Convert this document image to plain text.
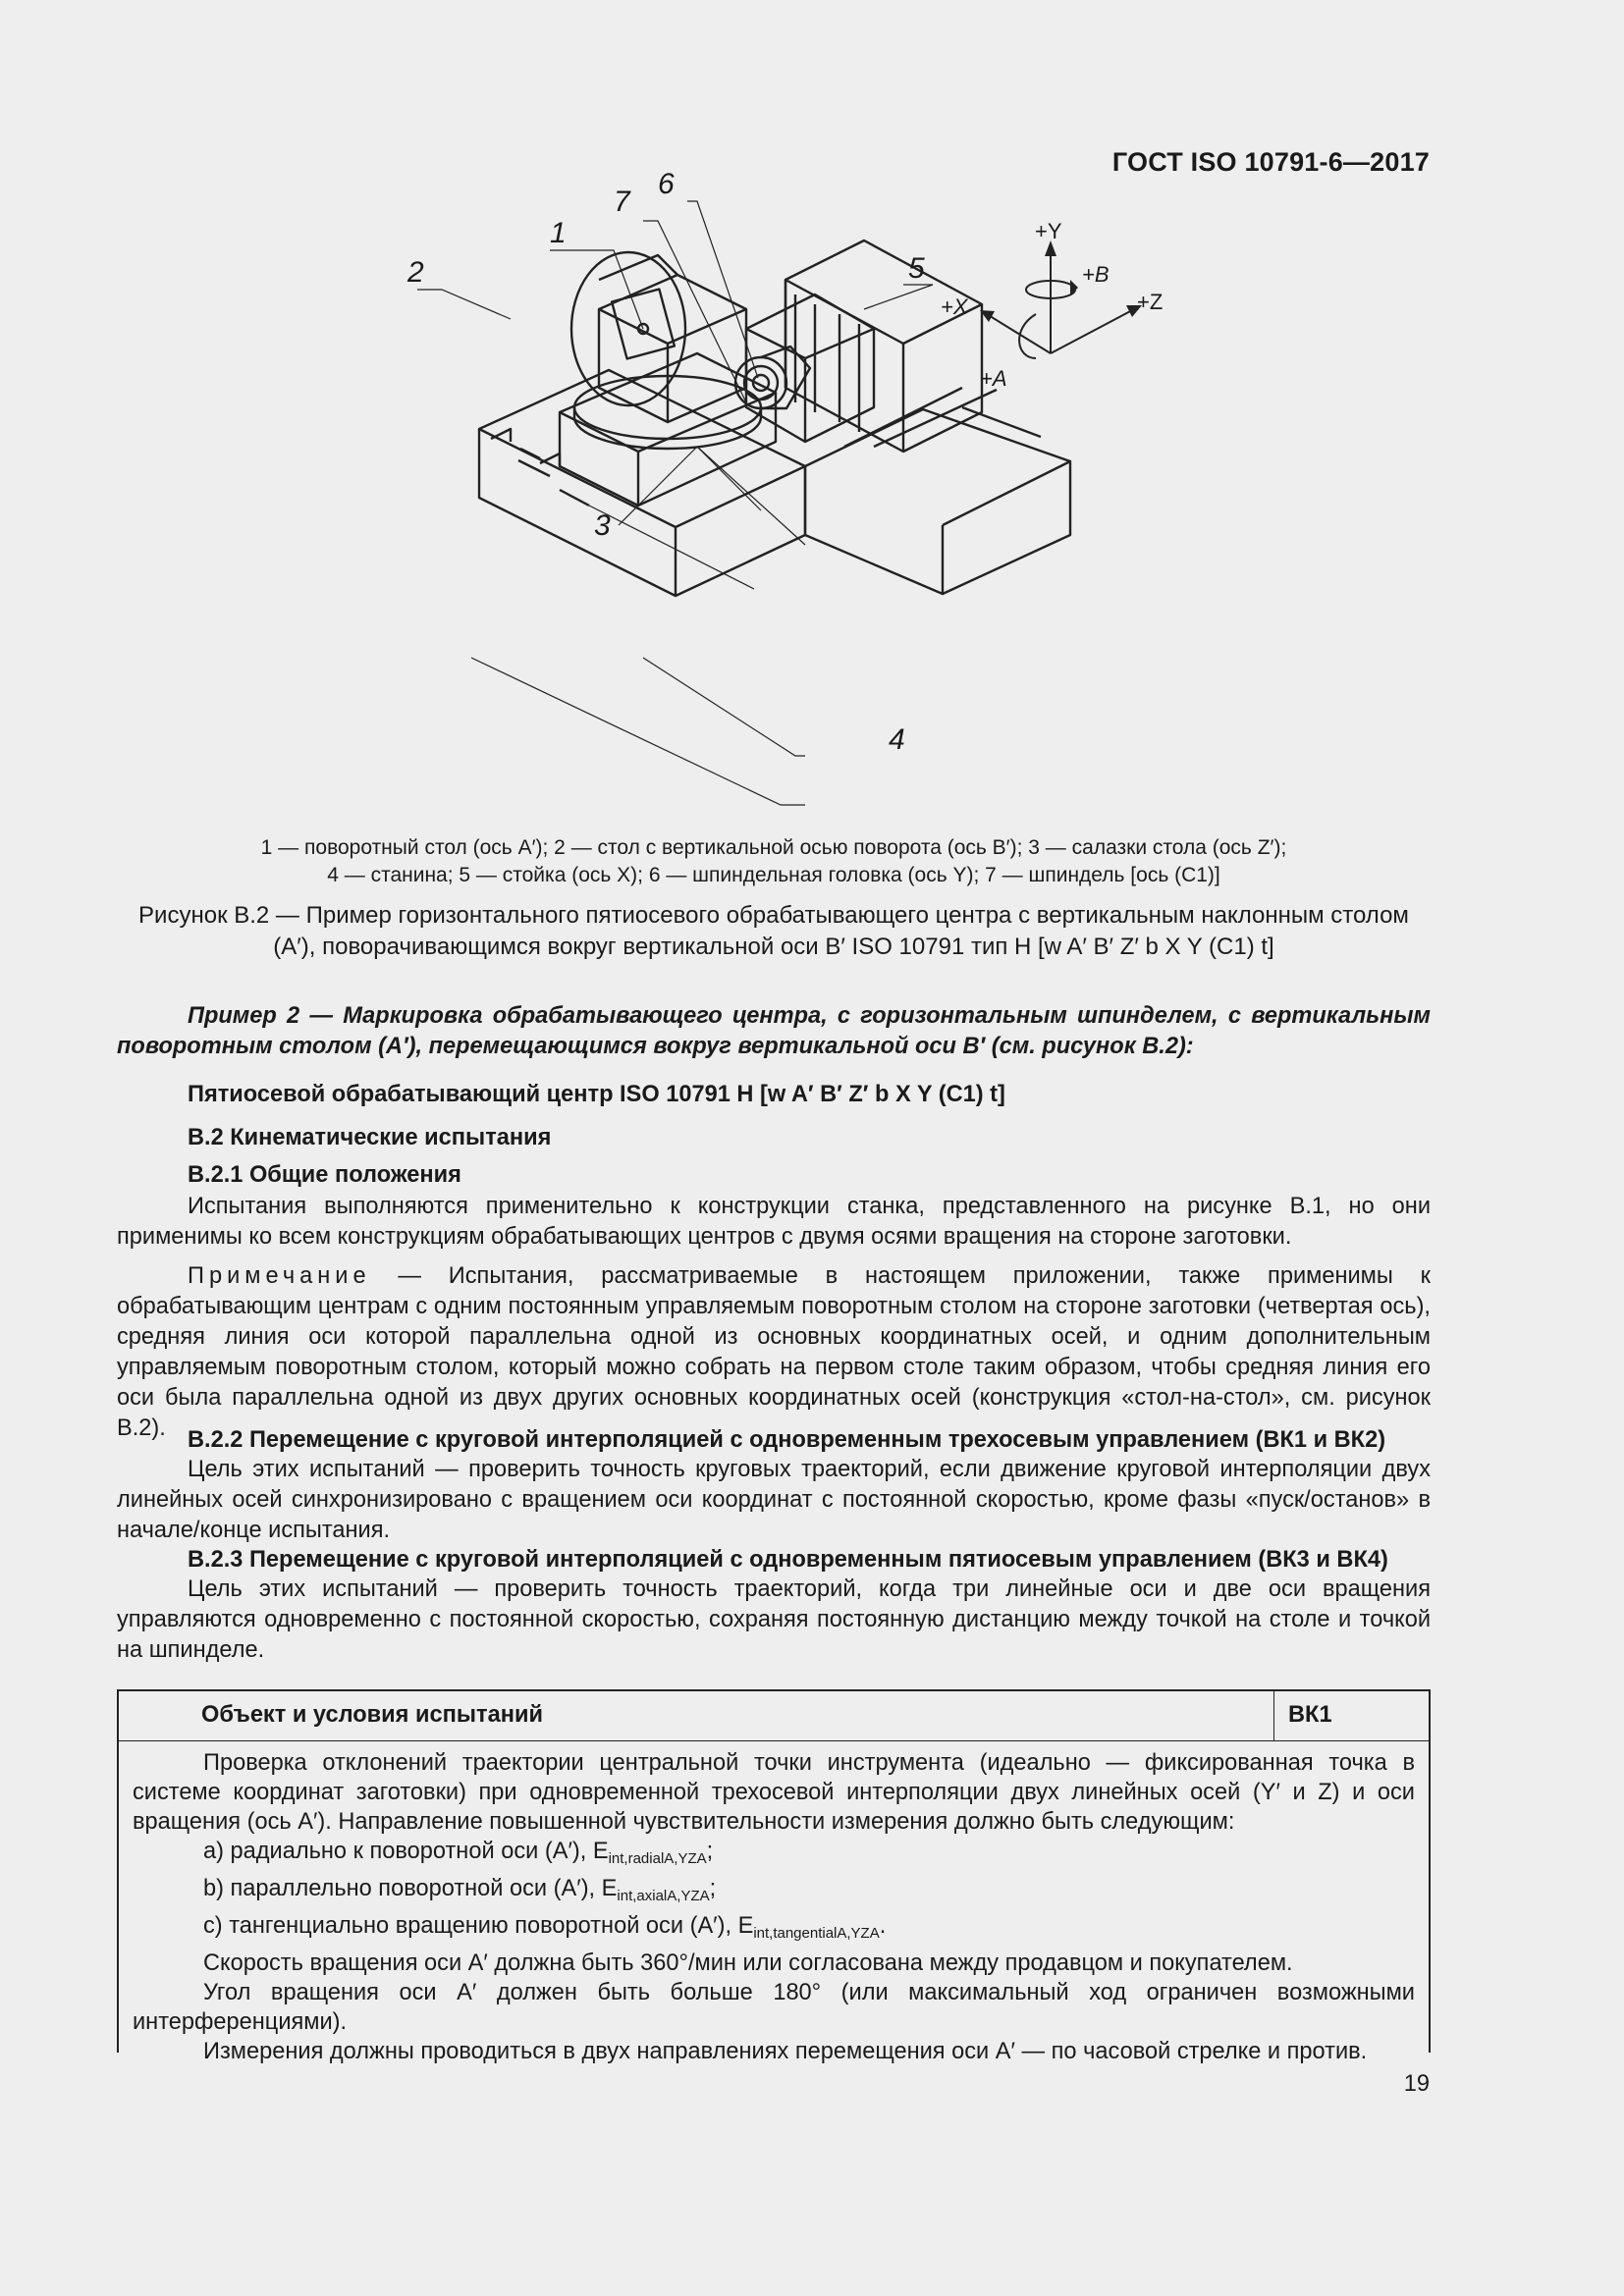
ГОСТ ISO 10791-6—2017
2
1
7
6
5
3
4
+Y
+B
+X	+Z
+A
1 — поворотный стол (ось A′); 2 — стол с вертикальной осью поворота (ось B′); 3 — салазки стола (ось Z′);
4 — станина; 5 — стойка (ось X); 6 — шпиндельная головка (ось Y); 7 — шпиндель [ось (C1)]
Рисунок В.2 — Пример горизонтального пятиосевого обрабатывающего центра с вертикальным наклонным столом (A′), поворачивающимся вокруг вертикальной оси B′ ISO 10791 тип Н [w A′ B′ Z′ b X Y (C1) t]
Пример 2 — Маркировка обрабатывающего центра, с горизонтальным шпинделем, с вертикальным поворотным столом (A′), перемещающимся вокруг вертикальной оси B′ (см. рисунок В.2):
Пятиосевой обрабатывающий центр ISO 10791 Н [w A′ B′ Z′ b X Y (C1) t]
В.2 Кинематические испытания
В.2.1 Общие положения
Испытания выполняются применительно к конструкции станка, представленного на рисунке В.1, но они применимы ко всем конструкциям обрабатывающих центров с двумя осями вращения на стороне заготовки.
Примечание — Испытания, рассматриваемые в настоящем приложении, также применимы к обрабатывающим центрам с одним постоянным управляемым поворотным столом на стороне заготовки (четвертая ось), средняя линия оси которой параллельна одной из основных координатных осей, и одним дополнительным управляемым поворотным столом, который можно собрать на первом столе таким образом, чтобы средняя линия его оси была параллельна одной из двух других основных координатных осей (конструкция «стол-на-стол», см. рисунок В.2). В.2.2 Перемещение с круговой интерполяцией с одновременным трехосевым управлением (ВК1 и ВК2)
Цель этих испытаний — проверить точность круговых траекторий, если движение круговой интерполяции двух линейных осей синхронизировано с вращением оси координат с постоянной скоростью, кроме фазы «пуск/останов» в начале/конце испытания.
В.2.3 Перемещение с круговой интерполяцией с одновременным пятиосевым управлением (ВК3 и ВК4)
Цель этих испытаний — проверить точность траекторий, когда три линейные оси и две оси вращения управляются одновременно с постоянной скоростью, сохраняя постоянную дистанцию между точкой на столе и точкой на шпинделе.
Объект и условия испытаний	ВК1

Проверка отклонений траектории центральной точки инструмента (идеально — фиксированная точка в системе координат заготовки) при одновременной трехосевой интерполяции двух линейных осей (Y′ и Z) и оси вращения (ось A′). Направление повышенной чувствительности измерения должно быть следующим:

a) радиально к поворотной оси (A′), $E_{int,radialA,YZA}$;

b) параллельно поворотной оси (A′), $E_{int,axialA,YZA}$;

c) тангенциально вращению поворотной оси (A′), $E_{int,tangentialA,YZA}$.

Скорость вращения оси A′ должна быть 360°/мин или согласована между продавцом и покупателем.

Угол вращения оси A′ должен быть больше 180° (или максимальный ход ограничен возможными интерференциями).

Измерения должны проводиться в двух направлениях перемещения оси A′ — по часовой стрелке и против.

19
